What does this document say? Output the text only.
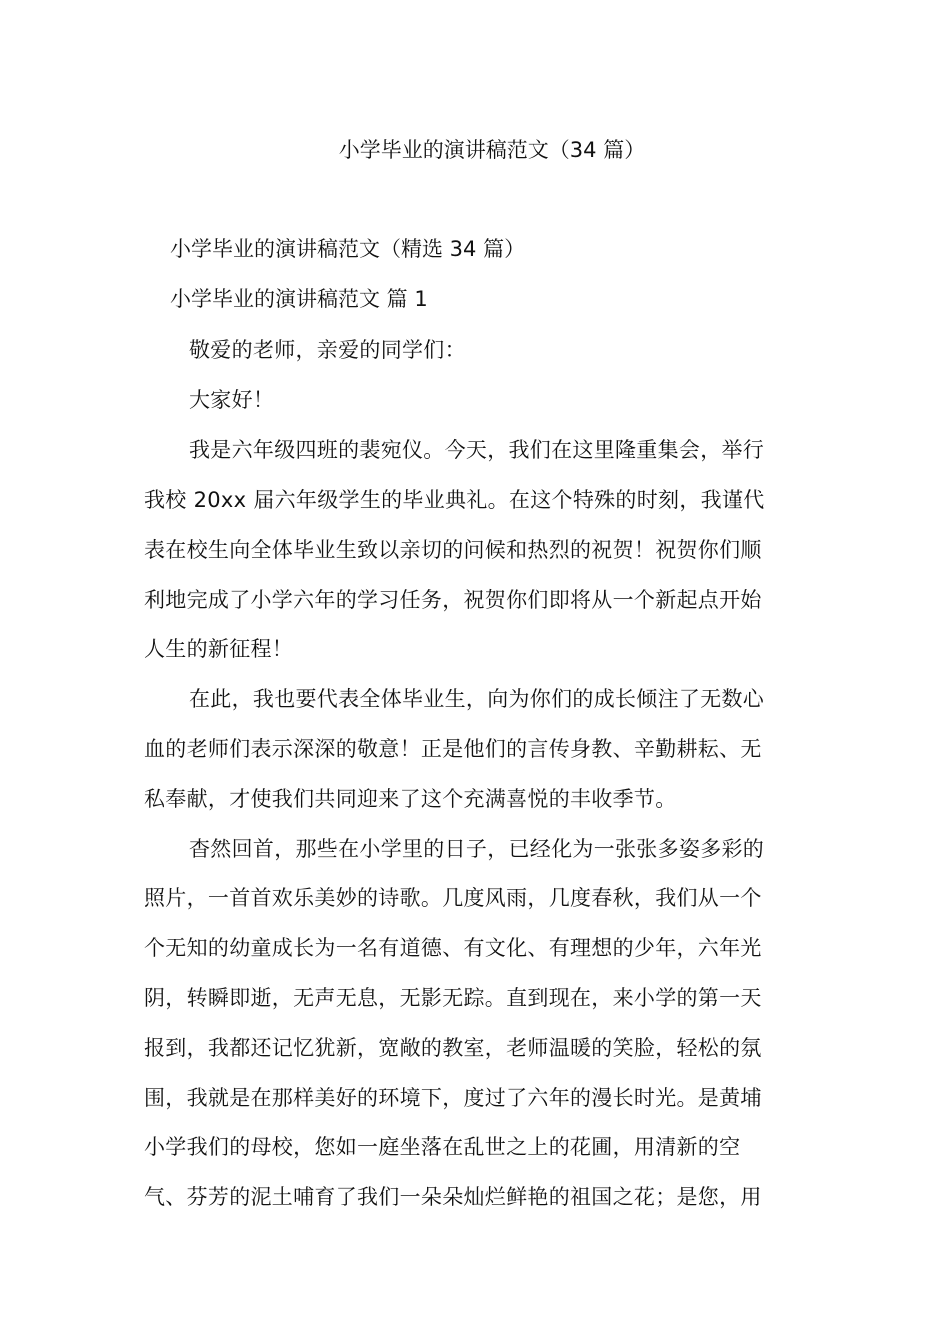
小学毕业的演讲稿范文（34 篇）
小学毕业的演讲稿范文（精选 34 篇）
小学毕业的演讲稿范文 篇 1
敬爱的老师，亲爱的同学们：
大家好！
我是六年级四班的裴宛仪。今天，我们在这里隆重集会，举行
我校 20xx 届六年级学生的毕业典礼。在这个特殊的时刻，我谨代
表在校生向全体毕业生致以亲切的问候和热烈的祝贺！祝贺你们顺
利地完成了小学六年的学习任务，祝贺你们即将从一个新起点开始
人生的新征程！
在此，我也要代表全体毕业生，向为你们的成长倾注了无数心
血的老师们表示深深的敬意！正是他们的言传身教、辛勤耕耘、无
私奉献，才使我们共同迎来了这个充满喜悦的丰收季节。
杳然回首，那些在小学里的日子，已经化为一张张多姿多彩的
照片，一首首欢乐美妙的诗歌。几度风雨，几度春秋，我们从一个
个无知的幼童成长为一名有道德、有文化、有理想的少年，六年光
阴，转瞬即逝，无声无息，无影无踪。直到现在，来小学的第一天
报到，我都还记忆犹新，宽敞的教室，老师温暖的笑脸，轻松的氛
围，我就是在那样美好的环境下，度过了六年的漫长时光。是黄埔
小学我们的母校，您如一庭坐落在乱世之上的花圃，用清新的空
气、芬芳的泥土哺育了我们一朵朵灿烂鲜艳的祖国之花；是您，用
